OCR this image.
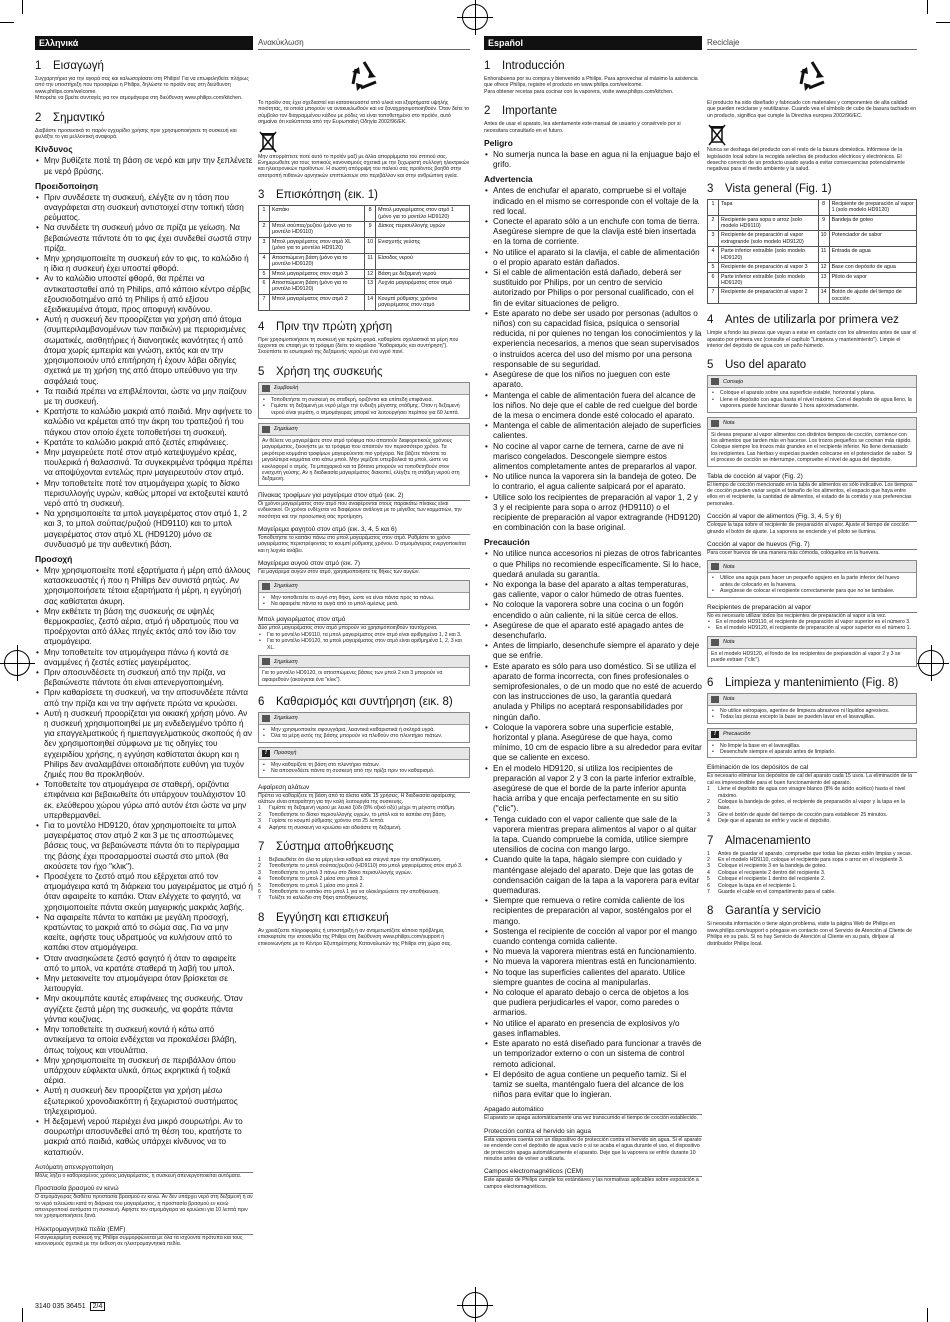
Ελληνικά
1 Εισαγωγή

Συγχαρητήρια για την αγορά σας και καλωσορίσατε στη Philips! Για να επωφεληθείτε πλήρως από την υποστήριξη που προσφέρει η Philips, δηλώστε το προϊόν σας στη διεύθυνση www.philips.com/welcome.

Μπορείτε να βρείτε συνταγές για τον ατμομάγειρα στη διεύθυνση www.philips.com/kitchen.

2 Σημαντικό

Διαβάστε προσεκτικά το παρόν εγχειρίδιο χρήσης πριν χρησιμοποιήσετε τη συσκευή και φυλάξτε το για μελλοντική αναφορά.

Κίνδυνος
• Μην βυθίζετε ποτέ τη βάση σε νερό και μην την ξεπλένετε με νερό βρύσης.
Προειδοποίηση
• Πριν συνδέσετε τη συσκευή, ελέγξτε αν η τάση που αναγράφεται στη συσκευή αντιστοιχεί στην τοπική τάση ρεύματος.
• Να συνδέετε τη συσκευή μόνο σε πρίζα με γείωση. Να βεβαιώνεστε πάντοτε ότι το φις έχει συνδεθεί σωστά στην πρίζα.
• Μην χρησιμοποιείτε τη συσκευή εάν το φις, το καλώδιο ή η ίδια η συσκευή έχει υποστεί φθορά.
• Αν το καλώδιο υποστεί φθορά, θα πρέπει να αντικατασταθεί από τη Philips, από κάποιο κέντρο σέρβις εξουσιοδοτημένο από τη Philips ή από εξίσου εξειδικευμένα άτομα, προς αποφυγή κινδύνου.
• Αυτή η συσκευή δεν προορίζεται για χρήση από άτομα (συμπεριλαμβανομένων των παιδιών) με περιορισμένες σωματικές, αισθητήριες ή διανοητικές ικανότητες ή από άτομα χωρίς εμπειρία και γνώση, εκτός και αν την χρησιμοποιούν υπό επιτήρηση ή έχουν λάβει οδηγίες σχετικά με τη χρήση της από άτομο υπεύθυνο για την ασφάλειά τους.
• Τα παιδιά πρέπει να επιβλέπονται, ώστε να μην παίζουν με τη συσκευή.
• Κρατήστε το καλώδιο μακριά από παιδιά. Μην αφήνετε το καλώδιο να κρέμεται από την άκρη του τραπεζιού ή του πάγκου στον οποίο έχετε τοποθετήσει τη συσκευή.
• Κρατάτε το καλώδιο μακριά από ζεστές επιφάνειες.
• Μην μαγειρεύετε ποτέ στον ατμό κατεψυγμένο κρέας, πουλερικά ή θαλασσινά. Τα συγκεκριμένα τρόφιμα πρέπει να αποψύχονται εντελώς πριν μαγειρευτούν στον ατμό.
• Μην τοποθετείτε ποτέ τον ατμομάγειρα χωρίς το δίσκο περισυλλογής υγρών, καθώς μπορεί να εκτοξευτεί καυτό νερό από τη συσκευή.
• Να χρησιμοποιείτε τα μπολ μαγειρέματος στον ατμό 1, 2 και 3, το μπολ σούπας/ρυζιού (HD9110) και το μπολ μαγειρέματος στον ατμό XL (HD9120) μόνο σε συνδυασμό με την αυθεντική βάση.
Προσοχή
• Μην χρησιμοποιείτε ποτέ εξαρτήματα ή μέρη από άλλους κατασκευαστές ή που η Philips δεν συνιστά ρητώς. Αν χρησιμοποιήσετε τέτοια εξαρτήματα ή μέρη, η εγγύησή σας καθίσταται άκυρη.
• Μην εκθέτετε τη βάση της συσκευής σε υψηλές θερμοκρασίες, ζεστό αέρια, ατμό ή υδρατμούς που να προέρχονται από άλλες πηγές εκτός από τον ίδιο τον ατμομάγειρα.
• Μην τοποθετείτε τον ατμομάγειρα πάνω ή κοντά σε αναμμένες ή ζεστές εστίες μαγειρέματος.
• Πριν αποσυνδέσετε τη συσκευή από την πρίζα, να βεβαιώνεστε πάντοτε ότι είναι απενεργοποιημένη.
• Πριν καθαρίσετε τη συσκευή, να την αποσυνδέετε πάντα από την πρίζα και να την αφήνετε πρώτα να κρυώσει.
• Αυτή η συσκευή προορίζεται για οικιακή χρήση μόνο. Αν η συσκευή χρησιμοποιηθεί με μη ενδεδειγμένο τρόπο ή για επαγγελματικούς ή ημιεπαγγελματικούς σκοπούς ή αν δεν χρησιμοποιηθεί σύμφωνα με τις οδηγίες του εγχειριδίου χρήσης, η εγγύηση καθίσταται άκυρη και η Philips δεν αναλαμβάνει οποιαδήποτε ευθύνη για τυχόν ζημιές που θα προκληθούν.
• Τοποθετείτε τον ατμομάγειρα σε σταθερή, οριζόντια επιφάνεια και βεβαιωθείτε ότι υπάρχουν τουλάχιστον 10 εκ. ελεύθερου χώρου γύρω από αυτόν έτσι ώστε να μην υπερθερμανθεί.
• Για το μοντέλο HD9120, όταν χρησιμοποιείτε τα μπολ μαγειρέματος στον ατμό 2 και 3 με τις αποσπώμενες βάσεις τους, να βεβαιώνεστε πάντα ότι το περίγραμμα της βάσης έχει προσαρμοστεί σωστά στο μπολ (θα ακούσετε τον ήχο "κλικ").
• Προσέχετε το ζεστό ατμό που εξέρχεται από τον ατμομάγειρα κατά τη διάρκεια του μαγειρέματος με ατμό ή όταν αφαιρείτε το καπάκι. Όταν ελέγχετε το φαγητό, να χρησιμοποιείτε πάντα σκεύη μαγειρικής μακριάς λαβής.
• Να αφαιρείτε πάντα το καπάκι με μεγάλη προσοχή, κρατώντας το μακριά από το σώμα σας. Για να μην καείτε, αφήστε τους υδρατμούς να κυλήσουν από το καπάκι στον ατμομάγειρα.
• Όταν ανασηκώσετε ζεστό φαγητό ή όταν το αφαιρείτε από το μπολ, να κρατάτε σταθερά τη λαβή του μπολ.
• Μην μετακινείτε τον ατμομάγειρα όταν βρίσκεται σε λειτουργία.
• Μην ακουμπάτε καυτές επιφάνειες της συσκευής. Όταν αγγίζετε ζεστά μέρη της συσκευής, να φοράτε πάντα γάντια κουζίνας.
• Μην τοποθετείτε τη συσκευή κοντά ή κάτω από αντικείμενα τα οποία ενδέχεται να προκαλέσει βλάβη, όπως τοίχους και ντουλάπια.
• Μην χρησιμοποιείτε τη συσκευή σε περιβάλλον όπου υπάρχουν εύφλεκτα υλικά, όπως εκρηκτικά ή τοξικά αέρια.
• Αυτή η συσκευή δεν προορίζεται για χρήση μέσω εξωτερικού χρονοδιακόπτη ή ξεχωριστού συστήματος τηλεχειρισμού.
• Η δεξαμενή νερού περιέχει ένα μικρό σουρωτήρι. Αν το σουρωτήρι αποσυνδεθεί από τη θέση του, κρατήστε το μακριά από παιδιά, καθώς υπάρχει κίνδυνος να το καταπιούν.
Αυτόματη απενεργοποίηση

Μόλις λήξει ο καθορισμένος χρόνος μαγειρέματος, η συσκευή απενεργοποιείται αυτόματα.

Προστασία βρασμού εν κενώ

Ο ατμομάγειρας διαθέτει προστασία βρασμού εν κενώ. Αν δεν υπάρχει νερό στη δεξαμενή ή αν το νερό τελειώσει κατά τη διάρκεια του μαγειρέματος, η προστασία βρασμού εν κενώ απενεργοποιεί αυτόματα τη συσκευή. Αφήστε τον ατμομάγειρα να κρυώσει για 10 λεπτά πριν τον χρησιμοποιήσετε ξανά.

Ηλεκτρομαγνητικά πεδία (EMF)

Η συγκεκριμένη συσκευή της Philips συμμορφώνεται με όλα τα ισχύοντα πρότυπα και τους κανονισμούς σχετικά με την έκθεση σε ηλεκτρομαγνητικά πεδία.

Ανακύκλωση

Το προϊόν σας έχει σχεδιαστεί και κατασκευαστεί από υλικά και εξαρτήματα υψηλής ποιότητας, τα οποία μπορούν να ανακυκλωθούν και να ξαναχρησιμοποιηθούν. Όταν δείτε το σύμβολο τον διαγραμμένου κάδου με ρόδες να είναι τοποθετημένο στο προϊόν, αυτό σημαίνει ότι καλύπτεται από την Ευρωπαϊκή Οδηγία 2002/96/ΕΚ.

Μην απορρίπτετε ποτέ αυτό το προϊόν μαζί με άλλα απορρίμματα του σπιτιού σας. Ενημερωθείτε για τους τοπικούς κανονισμούς σχετικά με την ξεχωριστή συλλογή ηλεκτρικών και ηλεκτρονικών προϊόντων. Η σωστή απόρριψη του παλιού σας προϊόντος βοηθά στην αποτροπή πιθανών αρνητικών επιπτώσεων στο περιβάλλον και στην ανθρώπινη υγεία.

3 Επισκόπηση (εικ. 1)
1	Καπάκι	8	Μπολ μαγειρέματος στον ατμό 1 (μόνο για το μοντέλο HD9120)
2	Μπολ σούπας/ρυζιού (μόνο για το μοντέλο HD9110)	9	Δίσκος περισυλλογής υγρών
3	Μπολ μαγειρέματος στον ατμό XL (μόνο για το μοντέλο HD9120)	10	Ενισχυτής γεύσης
4	Αποσπώμενη βάση (μόνο για το μοντέλο HD9120)	11	Είσοδος νερού
5	Μπολ μαγειρέματος στον ατμό 3	12	Βάση με δεξαμενή νερού
6	Αποσπώμενη βάση (μόνο για το μοντέλο HD9120)	13	Λυχνία μαγειρέματος στον ατμό
7	Μπολ μαγειρέματος στον ατμό 2	14	Κουμπί ρύθμισης χρόνου μαγειρέματος στον ατμό
4 Πριν την πρώτη χρήση

Πριν χρησιμοποιήσετε τη συσκευή για πρώτη φορά, καθαρίστε σχολαστικά τα μέρη που έρχονται σε επαφή με τα τρόφιμα (δείτε το κεφάλαιο "Καθαρισμός και συντήρηση"). Σκουπίστε το εσωτερικό της δεξαμενής νερού με ένα υγρό πανί.

5 Χρήση της συσκευής
Συμβουλή
• Τοποθετήστε τη συσκευή σε σταθερή, οριζόντια και επίπεδη επιφάνεια.
• Γεμίστε τη δεξαμενή με νερό μέχρι την ένδειξη μέγιστης στάθμης. Όταν η δεξαμενή νερού είναι γεμάτη, ο ατμομάγειρας μπορεί να λειτουργήσει περίπου για 60 λεπτά.
Σημείωση
Αν θέλετε να μαγειρέψετε στον ατμό τρόφιμα που απαιτούν διαφορετικούς χρόνους μαγειρέματος, ξεκινήστε με τα τρόφιμα που απαιτούν τον περισσότερο χρόνο. Τα μικρότερα κομμάτια τροφίμων μαγειρεύονται πιο γρήγορα. Να βάζετε πάντοτε τα μεγαλύτερα κομμάτια στο κάτω μπολ. Μην γεμίζετε υπερβολικά τα μπολ, ώστε να κυκλοφορεί ο ατμός. Τα μπαχαρικά και τα βότανα μπορούν να τοποθετηθούν στον ενισχυτή γεύσης. Αν η διαδικασία μαγειρέματος διακοπεί, ελέγξτε τη στάθμη νερού στη δεξαμενή.
Πίνακας τροφίμων για μαγείρεμα στον ατμό (εικ. 2)

Οι χρόνοι μαγειρέματος στον ατμό που αναφέρονται στους παρακάτω πίνακες είναι ενδεικτικοί. Οι χρόνοι ενδέχεται να διαφέρουν ανάλογα με το μέγεθος των κομματιών, την ποσότητα και την προσωπική σας προτίμηση.

Μαγείρεμα φαγητού στον ατμό (εικ. 3, 4, 5 και 6)

Τοποθετήστε το καπάκι πάνω στο μπολ μαγειρέματος στον ατμό. Ρυθμίστε το χρόνο μαγειρέματος περιστρέφοντας το κουμπί ρύθμισης χρόνου. Ο ατμομάγειρας ενεργοποιείται και η λυχνία ανάβει.

Μαγείρεμα αυγού στον ατμό (εικ. 7)

Για μαγείρεμα αυγών στον ατμό, χρησιμοποιήστε τις θήκες των αυγών.

Σημείωση
• Μην τοποθετείτε το αυγό στη θήκη, ώστε να είναι πάντα προς τα πάνω.
• Να αφαιρείτε πάντα τα αυγά από το μπολ αμέσως μετά.
Μπολ μαγειρέματος στον ατμό

Δύο μπολ μαγειρέματος στον ατμό μπορούν να χρησιμοποιηθούν ταυτόχρονα.

• Για το μοντέλο HD9110, τα μπολ μαγειρέματος στον ατμό είναι αριθμημένα 1, 2 και 3.
• Για το μοντέλο HD9120, τα μπολ μαγειρέματος στον ατμό είναι αριθμημένα 1, 2, 3 και XL.
Σημείωση
Για το μοντέλο HD9120, οι αποσπώμενες βάσεις των μπολ 2 και 3 μπορούν να αφαιρεθούν (ακούγεται ένα "κλικ").
6 Καθαρισμός και συντήρηση (εικ. 8)
Σημείωση
• Μην χρησιμοποιείτε σφουγγάρια, λειαντικά καθαριστικά ή σκληρά υγρά.
• Όλα τα μέρη εκτός της βάσης μπορούν να πλυθούν στο πλυντήριο πιάτων.
!	Προσοχή
• Μην καθαρίζετε τη βάση στο πλυντήριο πιάτων.
• Να αποσυνδέετε πάντα τη συσκευή από την πρίζα πριν τον καθαρισμό.
Αφαίρεση αλάτων

Πρέπει να καθαρίζετε τη βάση από τα άλατα κάθε 15 χρήσεις. Η διαδικασία αφαίρεσης αλάτων είναι απαραίτητη για την καλή λειτουργία της συσκευής.

1	Γεμίστε τη δεξαμενή νερού με λευκό ξύδι (8% οξικό οξύ) μέχρι τη μέγιστη στάθμη.
2	Τοποθετήστε το δίσκο περισυλλογής υγρών, το μπολ και το καπάκι στη βάση.
3	Γυρίστε το κουμπί ρύθμισης χρόνου στα 25 λεπτά.
4	Αφήστε τη συσκευή να κρυώσει και αδειάστε τη δεξαμενή.
7 Σύστημα αποθήκευσης
1	Βεβαιωθείτε ότι όλα τα μέρη είναι καθαρά και στεγνά πριν την αποθήκευση.
2	Τοποθετήστε το μπολ σούπας/ρυζιού (HD9110) στο μπολ μαγειρέματος στον ατμό 3.
3	Τοποθετήστε το μπολ 3 πάνω στο δίσκο περισυλλογής υγρών.
4	Τοποθετήστε το μπολ 2 μέσα στο μπολ 3.
5	Τοποθετήστε το μπολ 1 μέσα στο μπολ 2.
6	Τοποθετήστε το καπάκι στο μπολ 1 για να ολοκληρώσετε την αποθήκευση.
7	Τυλίξτε το καλώδιο στη θήκη αποθήκευσης.
8 Εγγύηση και επισκευή

Αν χρειάζεστε πληροφορίες ή υποστήριξη ή αν αντιμετωπίζετε κάποιο πρόβλημα, επισκεφτείτε την ιστοσελίδα της Philips στη διεύθυνση www.philips.com/support ή επικοινωνήστε με το Κέντρο Εξυπηρέτησης Καταναλωτών της Philips στη χώρα σας.

Español
1 Introducción

Enhorabuena por su compra y bienvenido a Philips. Para aprovechar al máximo la asistencia que ofrece Philips, registre el producto en www.philips.com/welcome.

Para obtener recetas para cocinar con la vaporera, visite www.philips.com/kitchen.

2 Importante

Antes de usar el aparato, lea atentamente este manual de usuario y consérvelo por si necesitara consultarlo en el futuro.

Peligro
• No sumerja nunca la base en agua ni la enjuague bajo el grifo.
Advertencia
• Antes de enchufar el aparato, compruebe si el voltaje indicado en el mismo se corresponde con el voltaje de la red local.
• Conecte el aparato sólo a un enchufe con toma de tierra. Asegúrese siempre de que la clavija esté bien insertada en la toma de corriente.
• No utilice el aparato si la clavija, el cable de alimentación o el propio aparato están dañados.
• Si el cable de alimentación está dañado, deberá ser sustituido por Philips, por un centro de servicio autorizado por Philips o por personal cualificado, con el fin de evitar situaciones de peligro.
• Este aparato no debe ser usado por personas (adultos o niños) con su capacidad física, psíquica o sensorial reducida, ni por quienes no tengan los conocimientos y la experiencia necesarios, a menos que sean supervisados o instruidos acerca del uso del mismo por una persona responsable de su seguridad.
• Asegúrese de que los niños no jueguen con este aparato.
• Mantenga el cable de alimentación fuera del alcance de los niños. No deje que el cable de red cuelgue del borde de la mesa o encimera donde esté colocado el aparato.
• Mantenga el cable de alimentación alejado de superficies calientes.
• No cocine al vapor carne de ternera, carne de ave ni marisco congelados. Descongele siempre estos alimentos completamente antes de prepararlos al vapor.
• No utilice nunca la vaporera sin la bandeja de goteo. De lo contrario, el agua caliente salpicará por el aparato.
• Utilice solo los recipientes de preparación al vapor 1, 2 y 3 y el recipiente para sopa o arroz (HD9110) o el recipiente de preparación al vapor extragrande (HD9120) en combinación con la base original.
Precaución
• No utilice nunca accesorios ni piezas de otros fabricantes o que Philips no recomiende específicamente. Si lo hace, quedará anulada su garantía.
• No exponga la base del aparato a altas temperaturas, gas caliente, vapor o calor húmedo de otras fuentes.
• No coloque la vaporera sobre una cocina o un fogón encendido o aún caliente, ni la sitúe cerca de ellos.
• Asegúrese de que el aparato esté apagado antes de desenchufarlo.
• Antes de limpiarlo, desenchufe siempre el aparato y deje que se enfríe.
• Este aparato es sólo para uso doméstico. Si se utiliza el aparato de forma incorrecta, con fines profesionales o semiprofesionales, o de un modo que no esté de acuerdo con las instrucciones de uso, la garantía quedará anulada y Philips no aceptará responsabilidades por ningún daño.
• Coloque la vaporera sobre una superficie estable, horizontal y plana. Asegúrese de que haya, como mínimo, 10 cm de espacio libre a su alrededor para evitar que se caliente en exceso.
• En el modelo HD9120, si utiliza los recipientes de preparación al vapor 2 y 3 con la parte inferior extraíble, asegúrese de que el borde de la parte inferior apunta hacia arriba y que encaja perfectamente en su sitio ("clic").
• Tenga cuidado con el vapor caliente que sale de la vaporera mientras prepara alimentos al vapor o al quitar la tapa. Cuando compruebe la comida, utilice siempre utensilios de cocina con mango largo.
• Cuando quite la tapa, hágalo siempre con cuidado y manténgase alejado del aparato. Deje que las gotas de condensación caigan de la tapa a la vaporera para evitar quemaduras.
• Siempre que remueva o retire comida caliente de los recipientes de preparación al vapor, sosténgalos por el mango.
• Sostenga el recipiente de cocción al vapor por el mango cuando contenga comida caliente.
• No mueva la vaporera mientras está en funcionamiento.
• No mueva la vaporera mientras está en funcionamiento.
• No toque las superficies calientes del aparato. Utilice siempre guantes de cocina al manipularlas.
• No coloque el aparato debajo o cerca de objetos a los que pudiera perjudicarles el vapor, como paredes o armarios.
• No utilice el aparato en presencia de explosivos y/o gases inflamables.
• Este aparato no está diseñado para funcionar a través de un temporizador externo o con un sistema de control remoto adicional.
• El depósito de agua contiene un pequeño tamiz. Si el tamiz se suelta, manténgalo fuera del alcance de los niños para evitar que lo ingieran.
Apagado automático

El aparato se apaga automáticamente una vez transcurrido el tiempo de cocción establecido.

Protección contra el hervido sin agua

Esta vaporera cuenta con un dispositivo de protección contra el hervido sin agua. Si el aparato se enciende con el depósito de agua vacío o si se acaba el agua durante el uso, el dispositivo de protección apaga automáticamente el aparato. Deje que la vaporera se enfríe durante 10 minutos antes de volver a utilizarla.

Campos electromagnéticos (CEM)

Este aparato de Philips cumple los estándares y las normativas aplicables sobre exposición a campos electromagnéticos.

Reciclaje

El producto ha sido diseñado y fabricado con materiales y componentes de alta calidad que pueden reciclarse y reutilizarse. Cuando vea el símbolo de cubo de basura tachado en un producto, significa que cumple la Directiva europea 2002/96/EC.

Nunca se deshaga del producto con el resto de la basura doméstica. Infórmese de la legislación local sobre la recogida selectiva de productos eléctricos y electrónicos. El desecho correcto de un producto usado ayuda a evitar consecuencias potencialmente negativas para el medio ambiente y la salud.

3 Vista general (Fig. 1)
1	Tapa	8	Recipiente de preparación al vapor 1 (solo modelo HD9120)
2	Recipiente para sopa o arroz (solo modelo HD9110)	9	Bandeja de goteo
3	Recipiente de preparación al vapor extragrande (solo modelo HD9120)	10	Potenciador de sabor
4	Parte inferior extraíble (solo modelo HD9120)	11	Entrada de agua
5	Recipiente de preparación al vapor 3	12	Base con depósito de agua
6	Parte inferior extraíble (solo modelo HD9120)	13	Piloto de vapor
7	Recipiente de preparación al vapor 2	14	Botón de ajuste del tiempo de cocción
4 Antes de utilizarla por primera vez

Limpie a fondo las piezas que vayan a estar en contacto con los alimentos antes de usar el aparato por primera vez (consulte el capítulo "Limpieza y mantenimiento"). Limpie el interior del depósito de agua con un paño húmedo.

5 Uso del aparato
Consejo
• Coloque el aparato sobre una superficie estable, horizontal y plana.
• Llene el depósito con agua hasta el nivel máximo. Con el depósito de agua lleno, la vaporera puede funcionar durante 1 hora aproximadamente.
Nota
Si desea preparar al vapor alimentos con distintos tiempos de cocción, comience con los alimentos que tarden más en hacerse. Los trozos pequeños se cocinan más rápido. Coloque siempre los trozos más grandes en el recipiente inferior. No llene demasiado los recipientes. Las hierbas y especias pueden colocarse en el potenciador de sabor. Si el proceso de cocción se interrumpe, compruebe el nivel de agua del depósito.
Tabla de cocción al vapor (Fig. 2)

El tiempo de cocción mencionado en la tabla de alimentos es sólo indicativo. Los tiempos de cocción pueden variar según el tamaño de los alimentos, el espacio que haya entre ellos en el recipiente, la cantidad de alimentos, el estado de la comida y sus preferencias personales.

Cocción al vapor de alimentos (Fig. 3, 4, 5 y 6)

Coloque la tapa sobre el recipiente de preparación al vapor. Ajuste el tiempo de cocción girando el botón de ajuste. La vaporera se enciende y el piloto se ilumina.

Cocción al vapor de huevos (Fig. 7)

Para cocer huevos de una manera más cómoda, colóquelos en la huevera.

Nota
• Utilice una aguja para hacer un pequeño agujero en la parte inferior del huevo antes de colocarlo en la huevera.
• Asegúrese de colocar el recipiente correctamente para que no se tambalee.
Recipientes de preparación al vapor

No es necesario utilizar todos los recipientes de preparación al vapor a la vez.

• En el modelo HD9110, el recipiente de preparación al vapor superior es el número 3.
• En el modelo HD9120, el recipiente de preparación al vapor superior es el número 1.
Nota
En el modelo HD9120, el fondo de los recipientes de preparación al vapor 2 y 3 se puede extraer ("clic").
6 Limpieza y mantenimiento (Fig. 8)
Nota
• No utilice estropajos, agentes de limpieza abrasivos ni líquidos agresivos.
• Todas las piezas excepto la base se pueden lavar en el lavavajillas.
!	Precaución
• No limpie la base en el lavavajillas.
• Desenchufe siempre el aparato antes de limpiarlo.
Eliminación de los depósitos de cal

Es necesario eliminar los depósitos de cal del aparato cada 15 usos. La eliminación de la cal es imprescindible para el buen funcionamiento del aparato.

1	Llene el depósito de agua con vinagre blanco (8% de ácido acético) hasta el nivel máximo.
2	Coloque la bandeja de goteo, el recipiente de preparación al vapor y la tapa en la base.
3	Gire el botón de ajuste del tiempo de cocción para establecer 25 minutos.
4	Deje que el aparato se enfríe y vacíe el depósito.
7 Almacenamiento
1	Antes de guardar el aparato, compruebe que todas las piezas estén limpias y secas.
2	En el modelo HD9110, coloque el recipiente para sopa o arroz en el recipiente 3.
3	Coloque el recipiente 3 en la bandeja de goteo.
4	Coloque el recipiente 2 dentro del recipiente 3.
5	Coloque el recipiente 1 dentro del recipiente 2.
6	Coloque la tapa en el recipiente 1.
7	Guarde el cable en el compartimento para el cable.
8 Garantía y servicio

Si necesita información o tiene algún problema, visite la página Web de Philips en www.philips.com/support o póngase en contacto con el Servicio de Atención al Cliente de Philips en su país. Si no hay Servicio de Atención al Cliente en su país, diríjase al distribuidor Philips local.

3140 035 36451	2/4
